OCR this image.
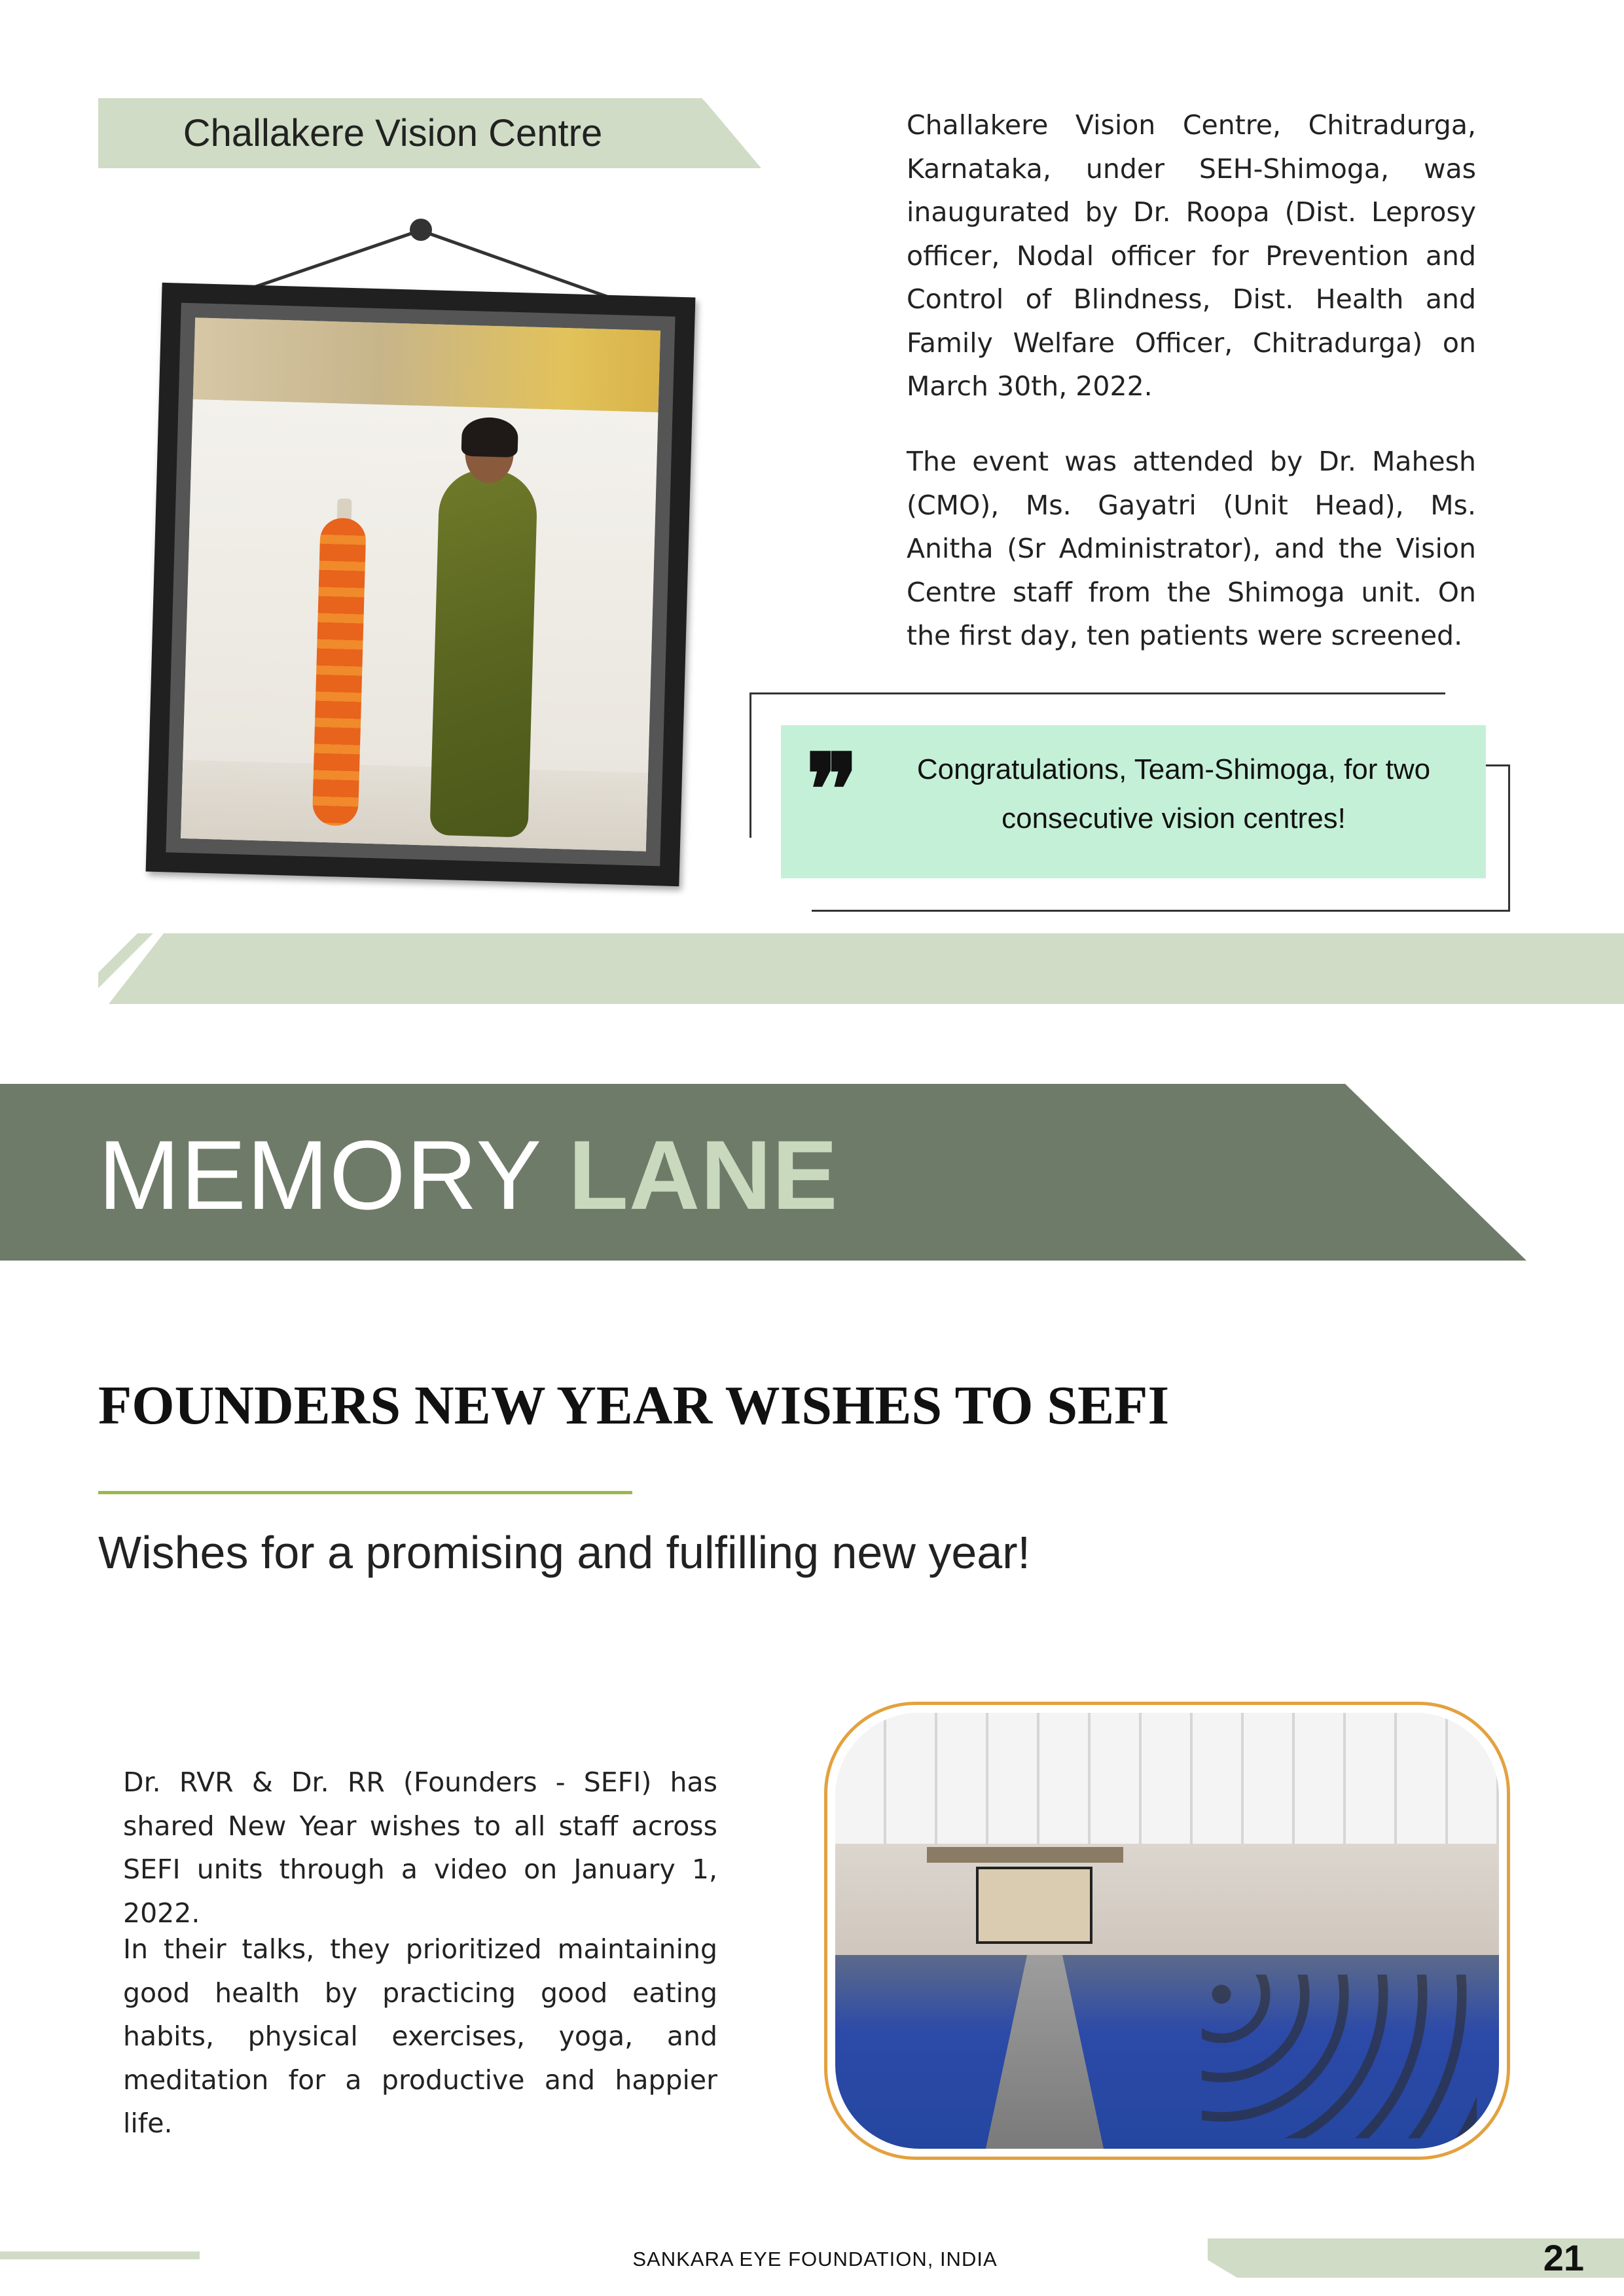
Challakere Vision Centre	Challakere Vision Centre, Chitradurga, Karnataka, under SEH-Shimoga, was inaugurated by Dr. Roopa (Dist. Leprosy officer, Nodal officer for Prevention and Control of Blindness, Dist. Health and Family Welfare Officer, Chitradurga) on March 30th, 2022.
The event was attended by Dr. Mahesh (CMO), Ms. Gayatri (Unit Head), Ms. Anitha (Sr Administrator), and the Vision Centre staff from the Shimoga unit. On the first day, ten patients were screened.
❞	Congratulations, Team-Shimoga, for two consecutive vision centres!
MEMORY LANE
FOUNDERS NEW YEAR WISHES TO SEFI
Wishes for a promising and fulfilling new year!
Dr. RVR & Dr. RR (Founders - SEFI) has shared New Year wishes to all staff across SEFI units through a video on January 1, 2022.
In their talks, they prioritized maintaining good health by practicing good eating habits, physical exercises, yoga, and meditation for a productive and happier life.
SANKARA EYE FOUNDATION, INDIA	21
